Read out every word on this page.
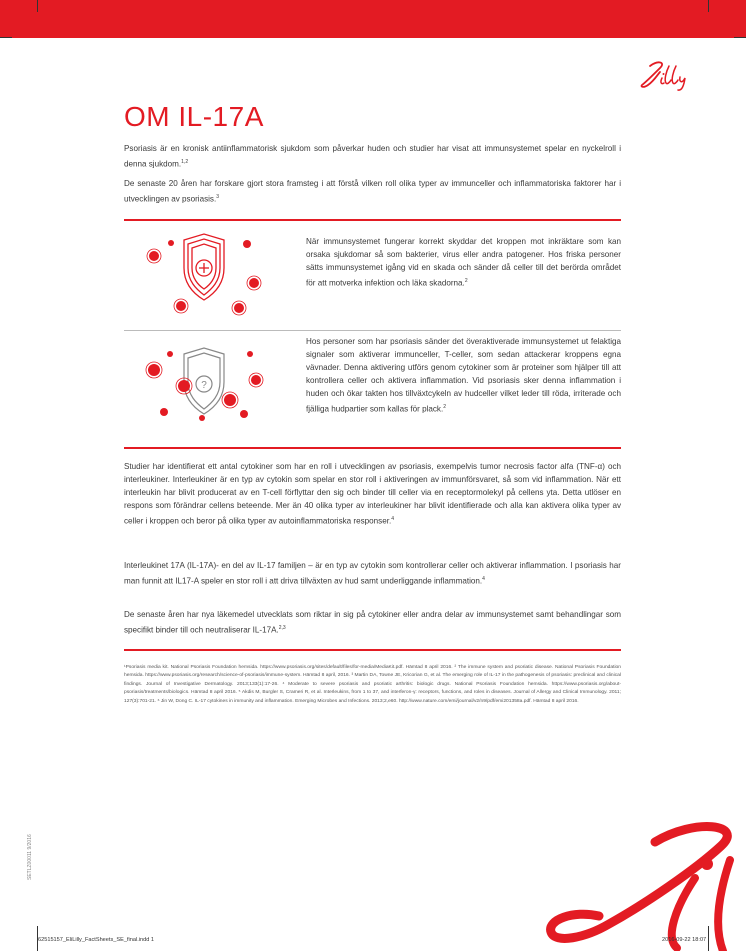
OM IL-17A

Psoriasis är en kronisk antiinflammatorisk sjukdom som påverkar huden och studier har visat att immunsystemet spelar en nyckelroll i denna sjukdom.$^{1,2}$

De senaste 20 åren har forskare gjort stora framsteg i att förstå vilken roll olika typer av immunceller och inflammatoriska faktorer har i utvecklingen av psoriasis.$^3$

När immunsystemet fungerar korrekt skyddar det kroppen mot inkräktare som kan orsaka sjukdomar så som bakterier, virus eller andra patogener. Hos friska personer sätts immunsystemet igång vid en skada och sänder då celler till det berörda området för att motverka infektion och läka skadorna.$^2$

?

Hos personer som har psoriasis sänder det överaktiverade immunsystemet ut felaktiga signaler som aktiverar immunceller, T-celler, som sedan attackerar kroppens egna vävnader. Denna aktivering utförs genom cytokiner som är proteiner som hjälper till att kontrollera celler och aktivera inflammation. Vid psoriasis sker denna inflammation i huden och ökar takten hos tillväxtcykeln av hudceller vilket leder till röda, irriterade och fjälliga hudpartier som kallas för plack.$^2$

Studier har identifierat ett antal cytokiner som har en roll i utvecklingen av psoriasis, exempelvis tumor necrosis factor alfa (TNF-α) och interleukiner. Interleukiner är en typ av cytokin som spelar en stor roll i aktiveringen av immunförsvaret, så som vid inflammation. När ett interleukin har blivit producerat av en T-cell förflyttar den sig och binder till celler via en receptormolekyl på cellens yta. Detta utlöser en respons som förändrar cellens beteende. Mer än 40 olika typer av interleukiner har blivit identifierade och alla kan aktivera olika typer av celler i kroppen och beror på olika typer av autoinflammatoriska responser.$^4$

Interleukinet 17A (IL-17A)- en del av IL-17 familjen – är en typ av cytokin som kontrollerar celler och aktiverar inflammation. I psoriasis har man funnit att IL17-A speler en stor roll i att driva tillväxten av hud samt underliggande inflammation.$^4$

De senaste åren har nya läkemedel utvecklats som riktar in sig på cytokiner eller andra delar av immunsystemet samt behandlingar som specifikt binder till och neutraliserar IL-17A.$^{2,3}$

¹Psoriasis media kit. National Psoriasis Foundation hemsida. https://www.psoriasis.org/sites/default/files/for-media/MediaKit.pdf. Hämtad 8 april 2016. ² The immune system and psoriatic disease. National Psoriasis Foundation hemsida. https://www.psoriasis.org/research/science-of-psoriasis/immune-system. Hämtad 8 april, 2016. ³ Martin DA, Towne JE, Kricorian G, et al. The emerging role of IL-17 in the pathogenesis of psoriasis: preclinical and clinical findings. Journal of Investigative Dermatology. 2013;133(1):17-26. ⁴ Moderate to severe psoriasis and psoriatic arthritis: biologic drugs. National Psoriasis Foundation hemsida. https://www.psoriasis.org/about-psoriasis/treatments/biologics. Hämtad 8 april 2016. ⁵ Akdis M, Burgler S, Crameri R, et al. Interleukins, from 1 to 37, and interferon-γ: receptors, functions, and roles in diseases. Journal of Allergy and Clinical Immunology. 2011; 127(3):701-21. ⁶ Jin W, Dong C. IL-17 cytokines in immunity and inflammation. Emerging Microbes and Infections. 2013;2,e60. http://www.nature.com/emi/journal/v2/n9/pdf/emi201358a.pdf. Hämtad 8 april 2016.

SETLZ00011 9/2016
62515157_EliLilly_FactSheets_SE_final.indd 1	2016-09-22 18:07
